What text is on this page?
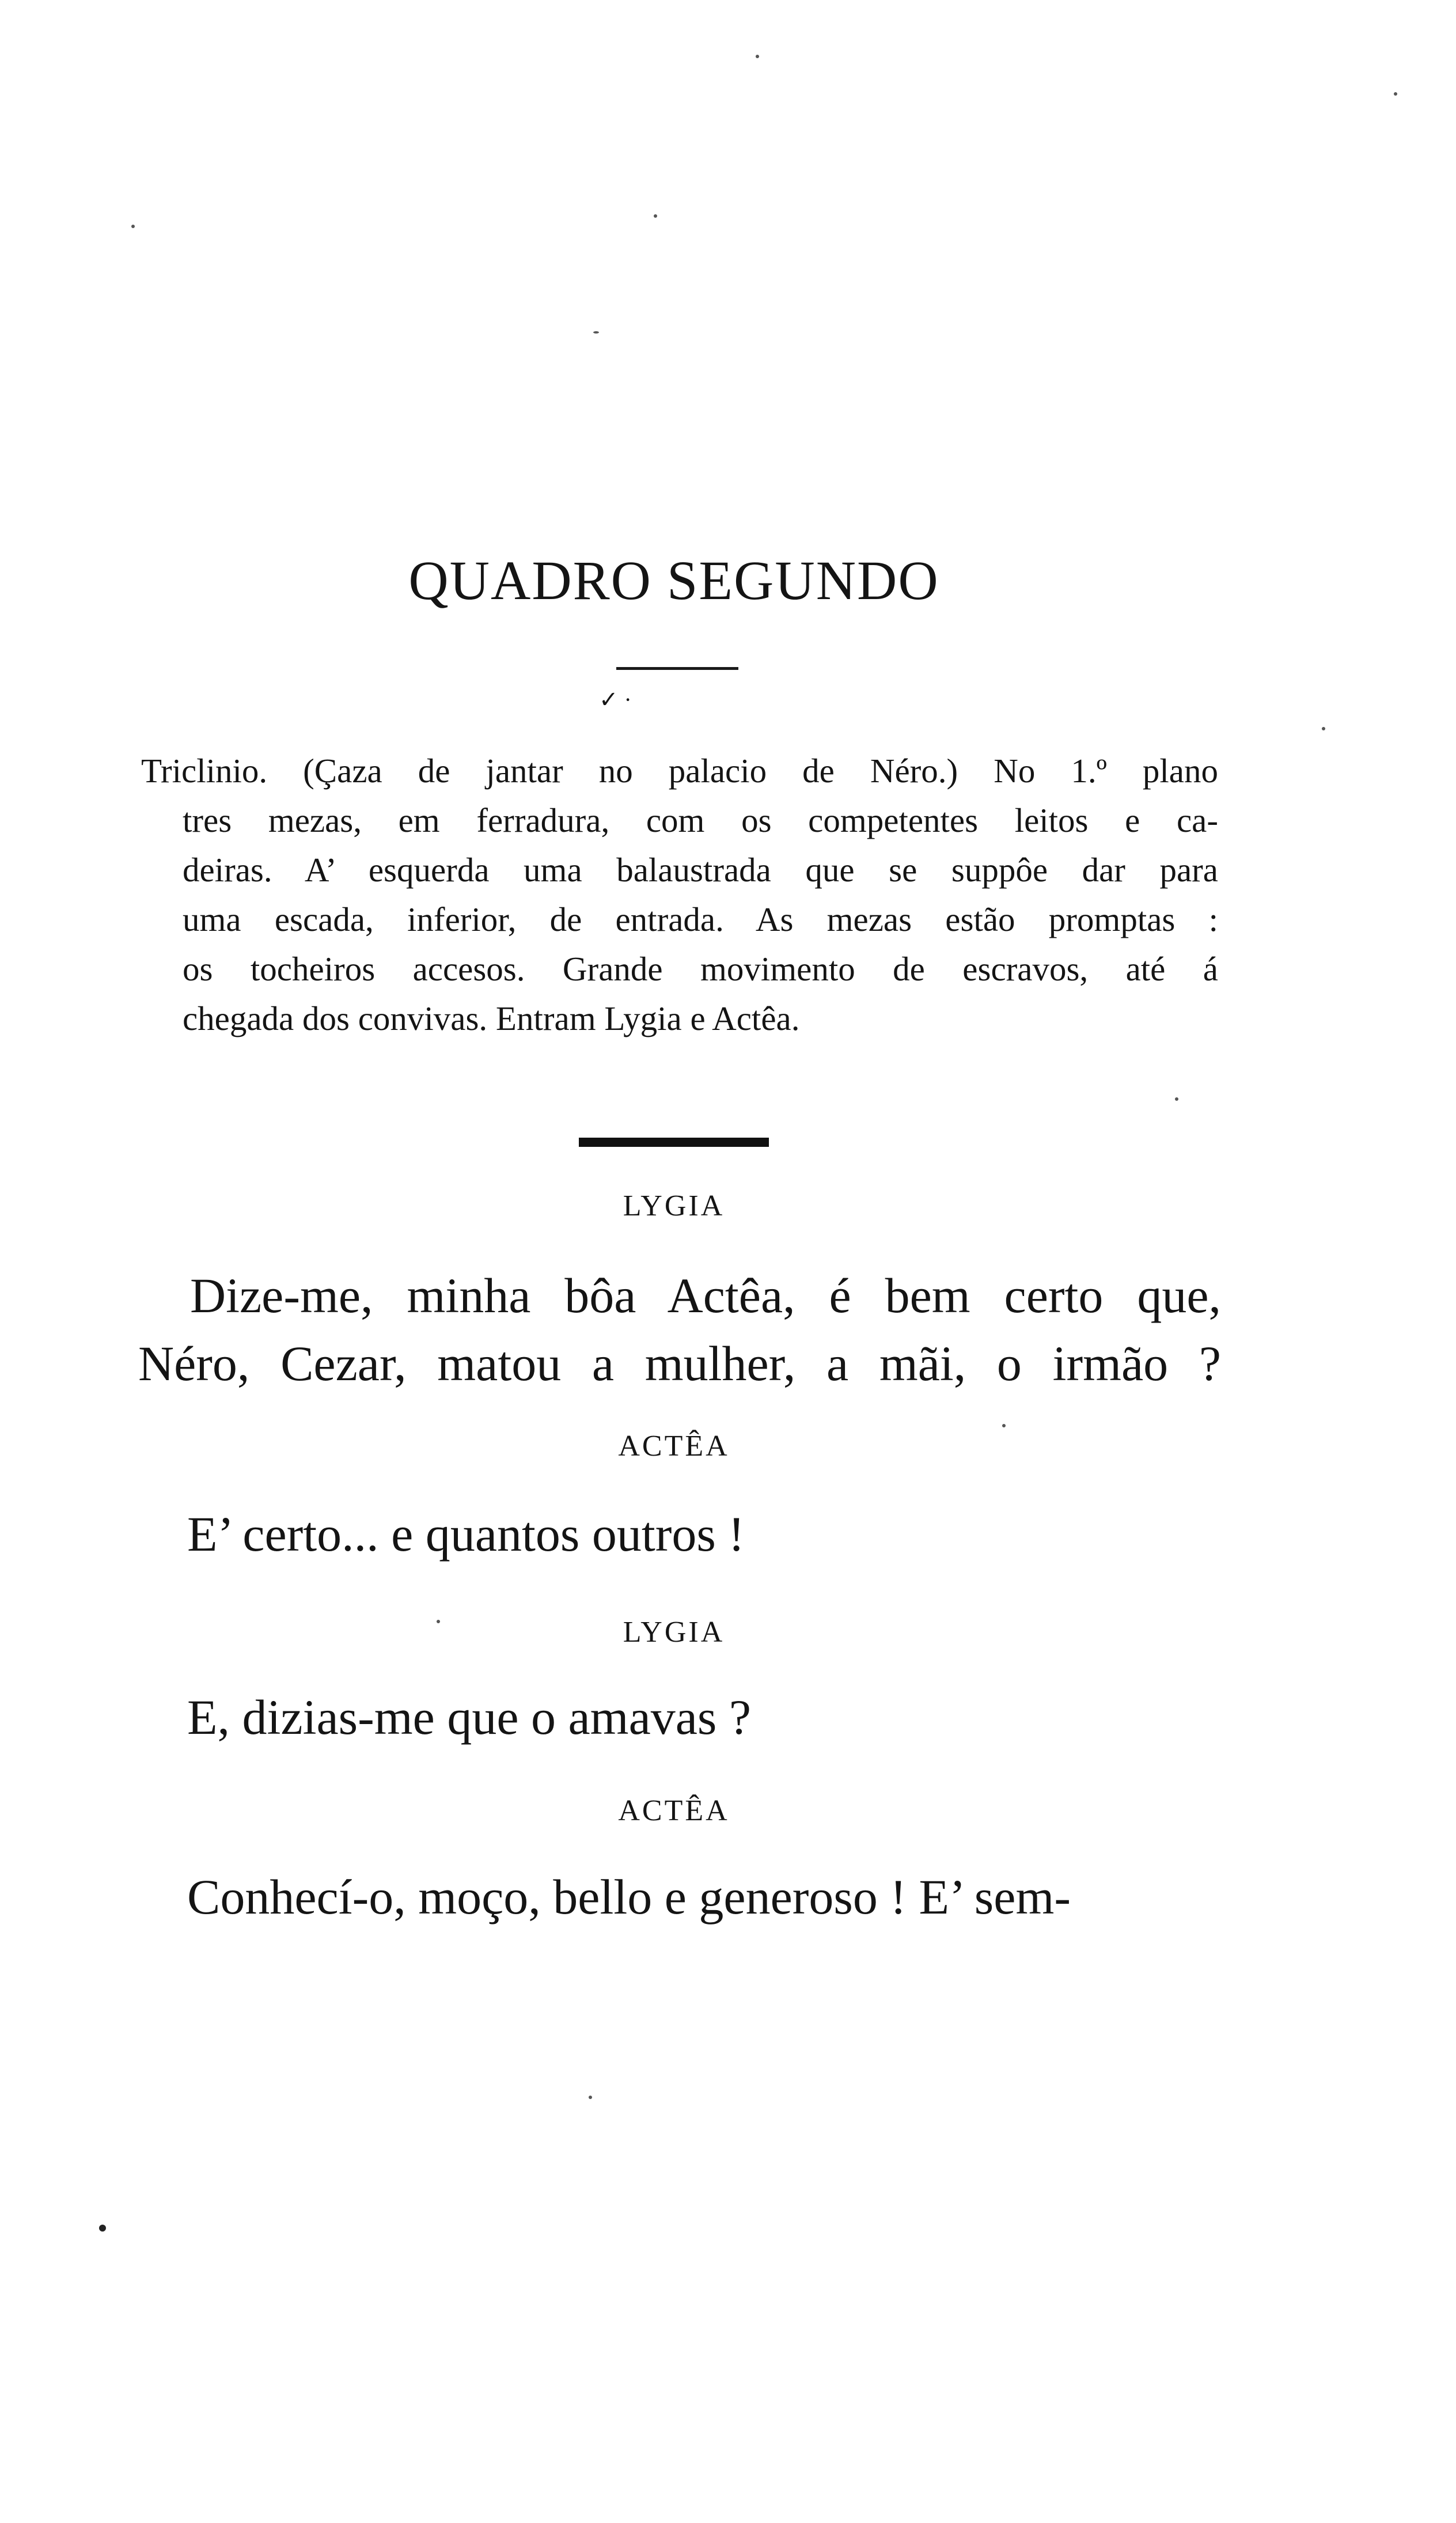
QUADRO SEGUNDO
✓ ·
Triclinio. (Çaza de jantar no palacio de Néro.) No 1.º plano
tres mezas, em ferradura, com os competentes leitos e ca-
deiras. A’ esquerda uma balaustrada que se suppôe dar para
uma escada, inferior, de entrada. As mezas estão promptas :
os tocheiros accesos. Grande movimento de escravos, até á
chegada dos convivas. Entram Lygia e Actêa.
LYGIA
Dize-me, minha bôa Actêa, é bem certo que,
Néro, Cezar, matou a mulher, a mãi, o irmão ?
ACTÊA
E’ certo... e quantos outros !
LYGIA
E, dizias-me que o amavas ?
ACTÊA
Conhecí-o, moço, bello e generoso ! E’ sem-
